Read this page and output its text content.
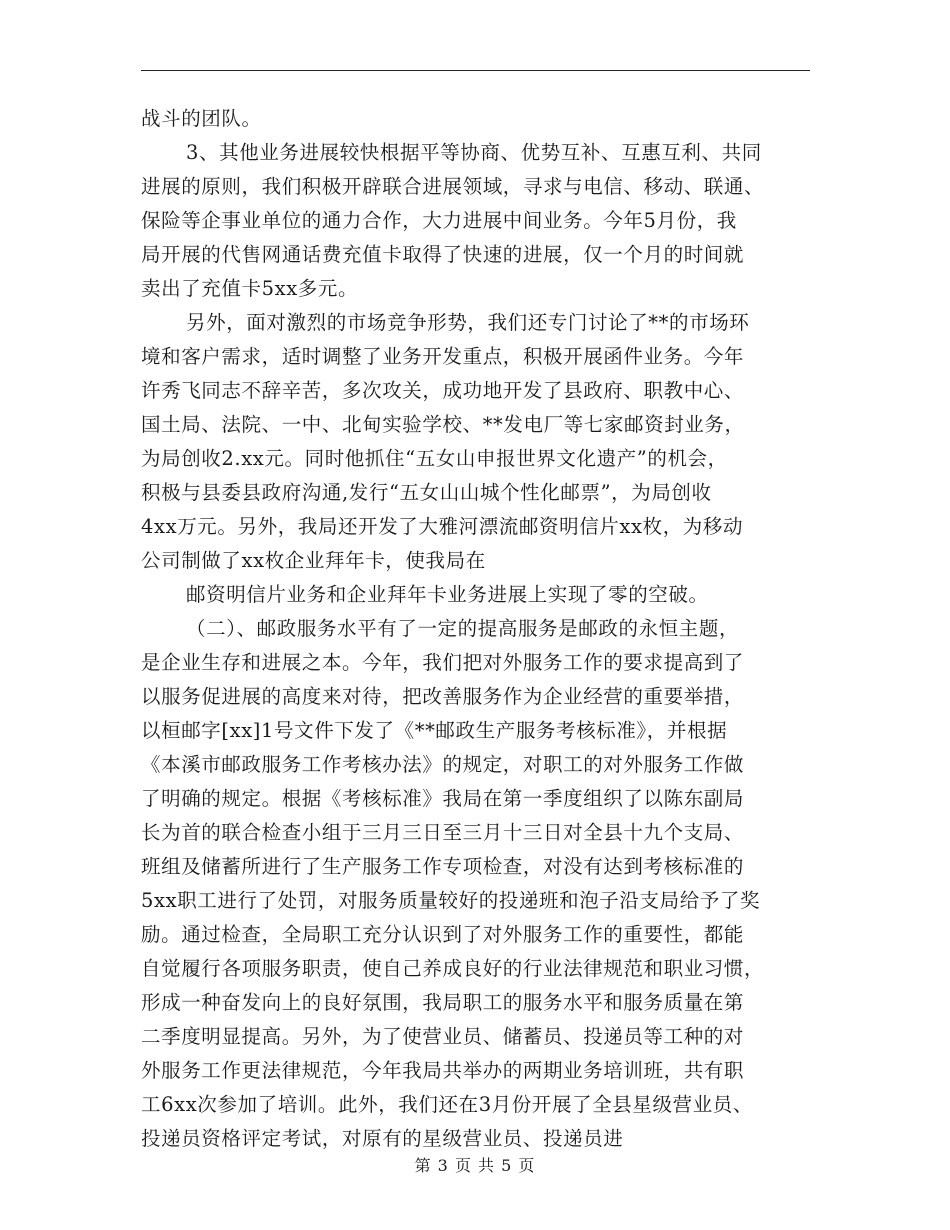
战斗的团队。
3、其他业务进展较快根据平等协商、优势互补、互惠互利、共同
进展的原则，我们积极开辟联合进展领域，寻求与电信、移动、联通、
保险等企事业单位的通力合作，大力进展中间业务。今年5月份，我
局开展的代售网通话费充值卡取得了快速的进展，仅一个月的时间就
卖出了充值卡5xx多元。
另外，面对激烈的市场竞争形势，我们还专门讨论了**的市场环
境和客户需求，适时调整了业务开发重点，积极开展函件业务。今年
许秀飞同志不辞辛苦，多次攻关，成功地开发了县政府、职教中心、
国土局、法院、一中、北甸实验学校、**发电厂等七家邮资封业务，
为局创收2.xx元。同时他抓住“五女山申报世界文化遗产”的机会，
积极与县委县政府沟通,发行“五女山山城个性化邮票”，为局创收
4xx万元。另外，我局还开发了大雅河漂流邮资明信片xx枚，为移动
公司制做了xx枚企业拜年卡，使我局在
邮资明信片业务和企业拜年卡业务进展上实现了零的空破。
（二）、邮政服务水平有了一定的提高服务是邮政的永恒主题，
是企业生存和进展之本。今年，我们把对外服务工作的要求提高到了
以服务促进展的高度来对待，把改善服务作为企业经营的重要举措，
以桓邮字[xx]1号文件下发了《**邮政生产服务考核标准》，并根据
《本溪市邮政服务工作考核办法》的规定，对职工的对外服务工作做
了明确的规定。根据《考核标准》我局在第一季度组织了以陈东副局
长为首的联合检查小组于三月三日至三月十三日对全县十九个支局、
班组及储蓄所进行了生产服务工作专项检查，对没有达到考核标准的
5xx职工进行了处罚，对服务质量较好的投递班和泡子沿支局给予了奖
励。通过检查，全局职工充分认识到了对外服务工作的重要性，都能
自觉履行各项服务职责，使自己养成良好的行业法律规范和职业习惯，
形成一种奋发向上的良好氛围，我局职工的服务水平和服务质量在第
二季度明显提高。另外，为了使营业员、储蓄员、投递员等工种的对
外服务工作更法律规范，今年我局共举办的两期业务培训班，共有职
工6xx次参加了培训。此外，我们还在3月份开展了全县星级营业员、
投递员资格评定考试，对原有的星级营业员、投递员进
第 3 页 共 5 页
